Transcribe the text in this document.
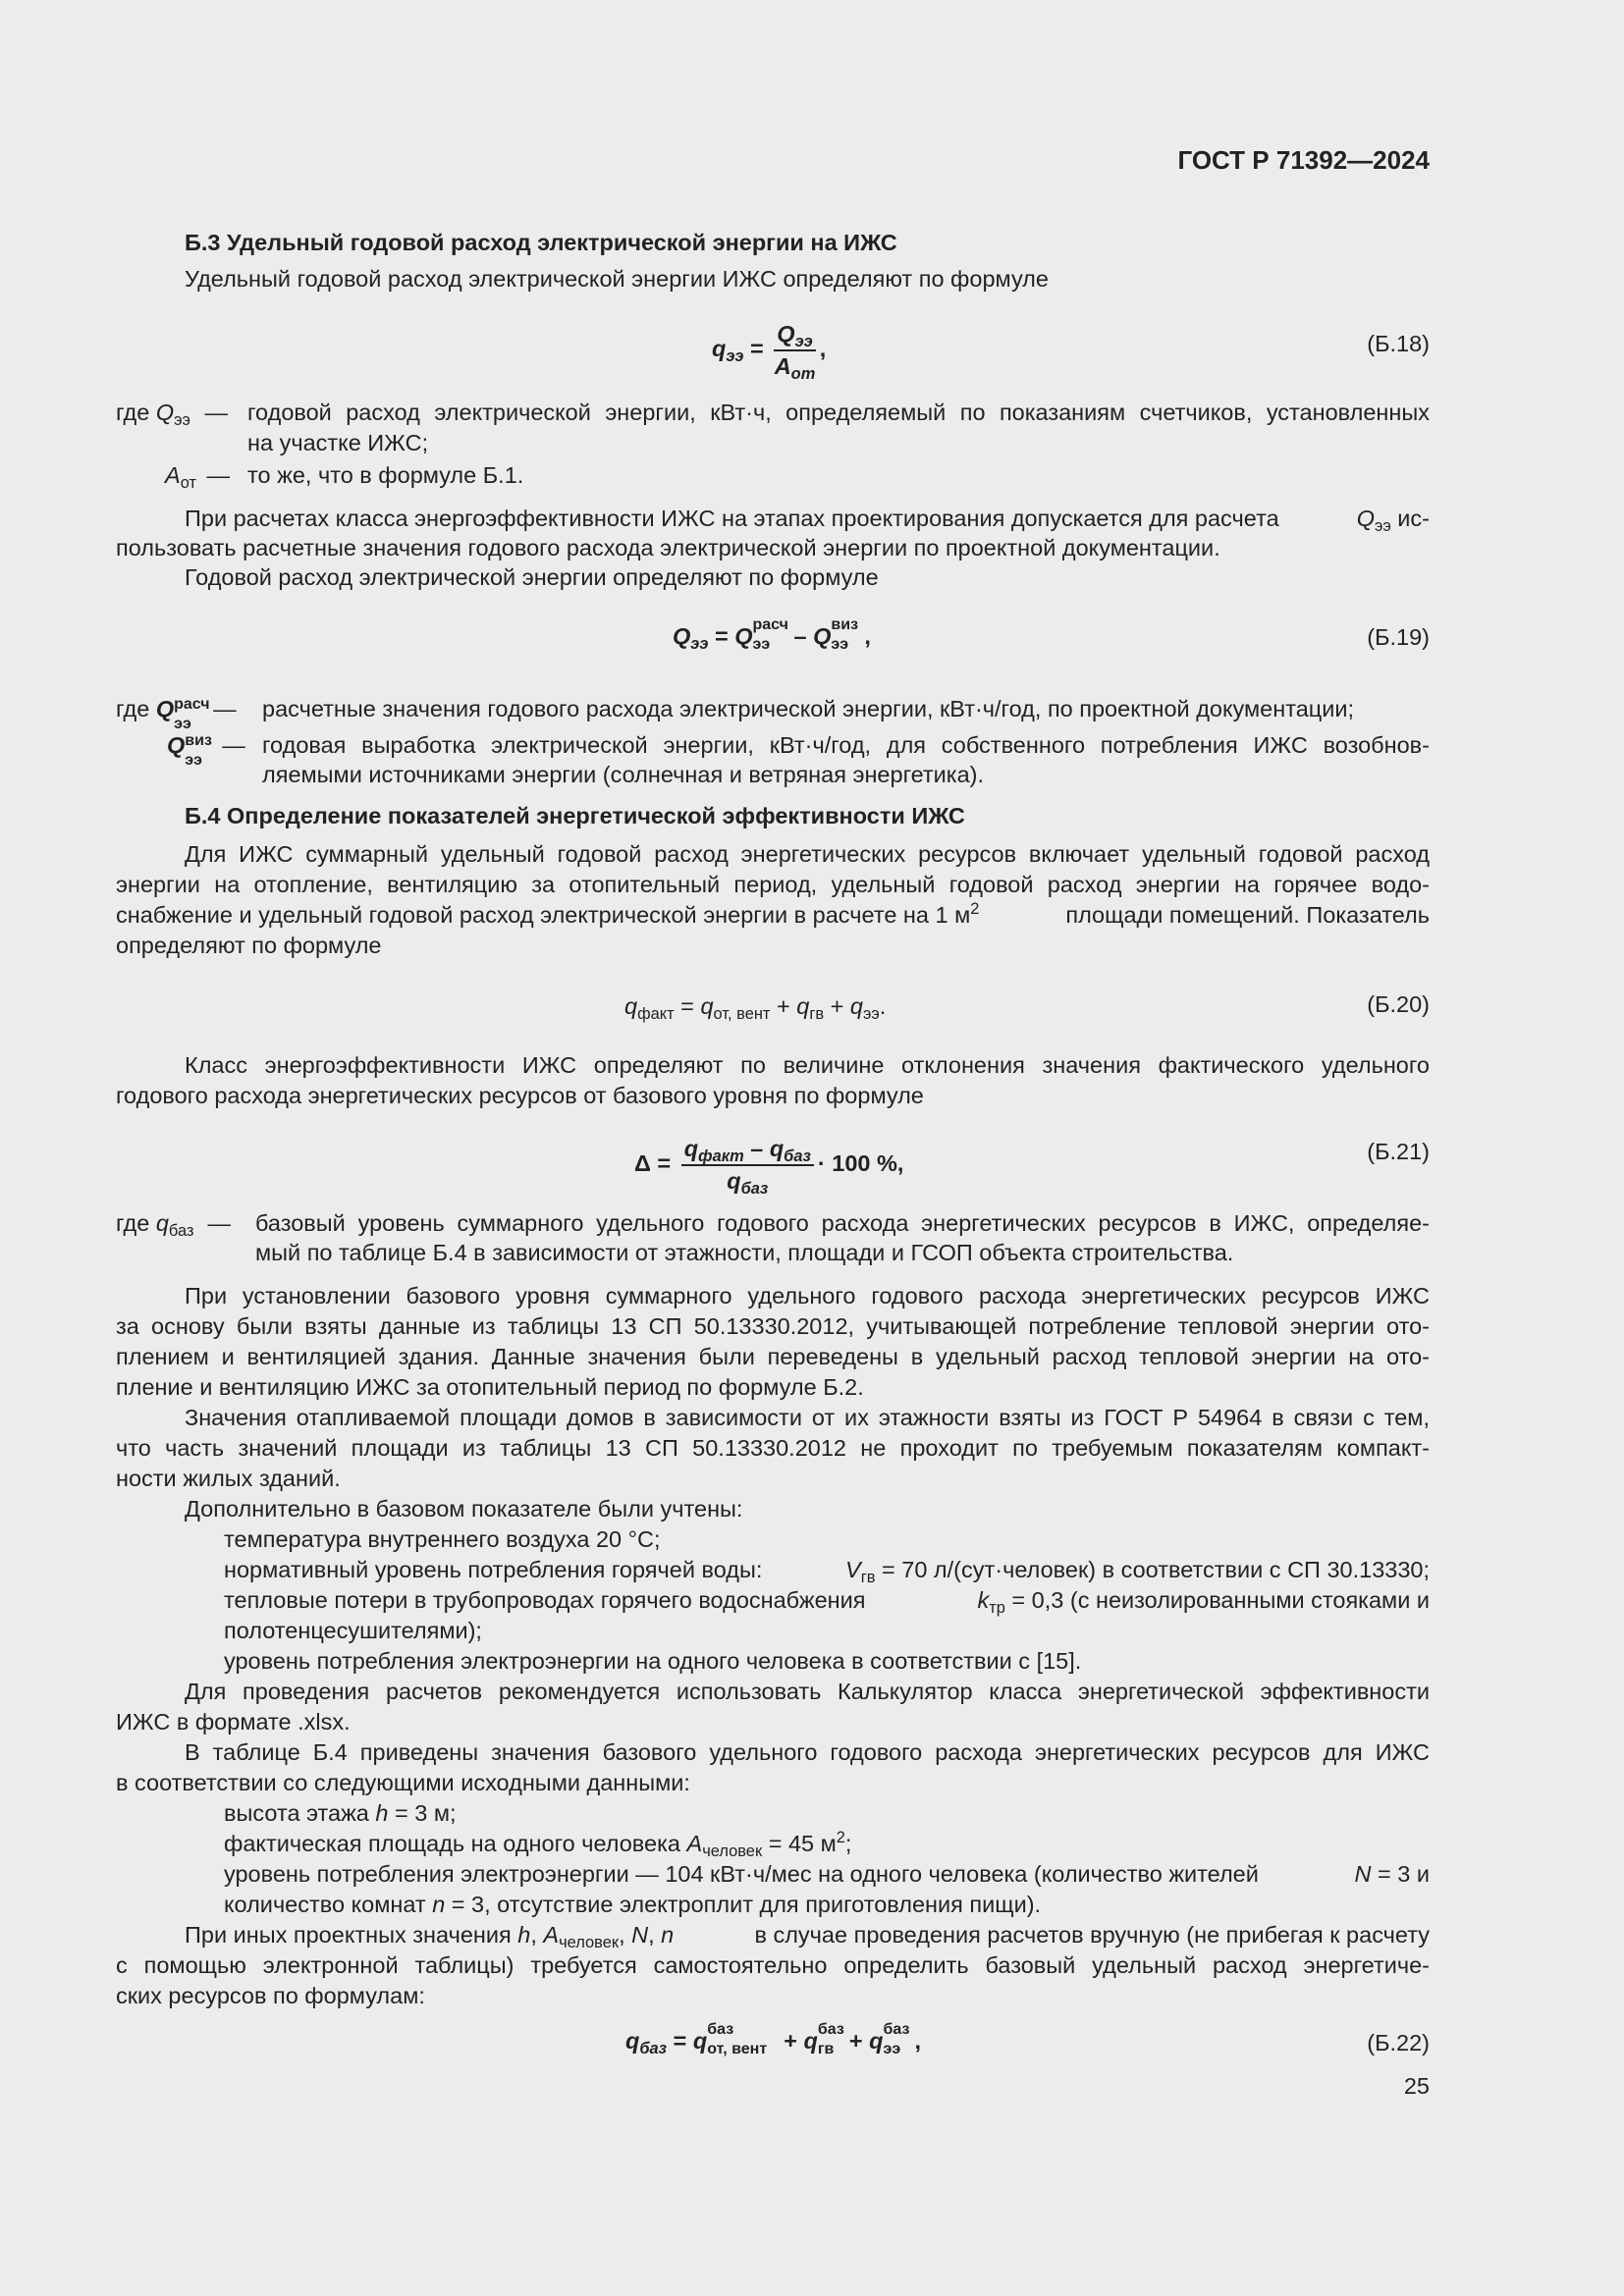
ГОСТ Р 71392—2024
Б.3 Удельный годовой расход электрической энергии на ИЖС
Удельный годовой расход электрической энергии ИЖС определяют по формуле
$q_{ээ} = \frac{Q_{ээ}}{A_{от}}$ ,	(Б.18)
где $Q_{ээ}$ — годовой расход электрической энергии, кВт·ч, определяемый по показаниям счетчиков, установленных
на участке ИЖС;
$A_{от}$ — то же, что в формуле Б.1.
При расчетах класса энергоэффективности ИЖС на этапах проектирования допускается для расчета	$Q_{ээ}$ ис-
пользовать расчетные значения годового расхода электрической энергии по проектной документации.
Годовой расход электрической энергии определяют по формуле
$Q_{ээ} = Q$ расч
ээ – Q виз
ээ ,	(Б.19)
где Q расч
ээ
— расчетные значения годового расхода электрической энергии, кВт·ч/год, по проектной документации;
Q виз
ээ
— годовая выработка электрической энергии, кВт·ч/год, для собственного потребления ИЖС возобнов-
ляемыми источниками энергии (солнечная и ветряная энергетика).
Б.4 Определение показателей энергетической эффективности ИЖС
Для ИЖС суммарный удельный годовой расход энергетических ресурсов включает удельный годовой расход
энергии на отопление, вентиляцию за отопительный период, удельный годовой расход энергии на горячее водо-
снабжение и удельный годовой расход электрической энергии в расчете на 1 $м^2$	площади помещений. Показатель
определяют по формуле
$q_{факт} = q_{от, вент} + q_{гв} + q_{ээ}$.	(Б.20)
Класс энергоэффективности ИЖС определяют по величине отклонения значения фактического удельного
годового расхода энергетических ресурсов от базового уровня по формуле
$\Delta = \frac{q_{факт} - q_{баз}}{q_{баз}} \cdot 100$ %,	(Б.21)
где $q_{баз}$ — базовый уровень суммарного удельного годового расхода энергетических ресурсов в ИЖС, определяе-
мый по таблице Б.4 в зависимости от этажности, площади и ГСОП объекта строительства.
При установлении базового уровня суммарного удельного годового расхода энергетических ресурсов ИЖС
за основу были взяты данные из таблицы 13 СП 50.13330.2012, учитывающей потребление тепловой энергии ото-
плением и вентиляцией здания. Данные значения были переведены в удельный расход тепловой энергии на ото-
пление и вентиляцию ИЖС за отопительный период по формуле Б.2.
Значения отапливаемой площади домов в зависимости от их этажности взяты из ГОСТ Р 54964 в связи с тем,
что часть значений площади из таблицы 13 СП 50.13330.2012 не проходит по требуемым показателям компакт-
ности жилых зданий.
Дополнительно в базовом показателе были учтены:
температура внутреннего воздуха 20 °С;
нормативный уровень потребления горячей воды:	$V_{гв} = 70$ л/(сут·человек) в соответствии с СП 30.13330;
тепловые потери в трубопроводах горячего водоснабжения	$k_{тр} = 0,3$ (с неизолированными стояками и
полотенцесушителями);
уровень потребления электроэнергии на одного человека в соответствии с [15].
Для проведения расчетов рекомендуется использовать Калькулятор класса энергетической эффективности
ИЖС в формате .xlsx.
В таблице Б.4 приведены значения базового удельного годового расхода энергетических ресурсов для ИЖС
в соответствии со следующими исходными данными:
высота этажа h = 3 м;
фактическая площадь на одного человека $A_{человек} = 45$ $м^2$;
уровень потребления электроэнергии — 104 кВт·ч/мес на одного человека (количество жителей	N = 3 и
количество комнат n = 3, отсутствие электроплит для приготовления пищи).
При иных проектных значения h, $A_{человек}$, N, n	в случае проведения расчетов вручную (не прибегая к расчету
с помощью электронной таблицы) требуется самостоятельно определить базовый удельный расход энергетиче-
ских ресурсов по формулам:
$q_{баз} = q$ баз
от, вент + q баз
гв + q баз
ээ ,	(Б.22)
25
